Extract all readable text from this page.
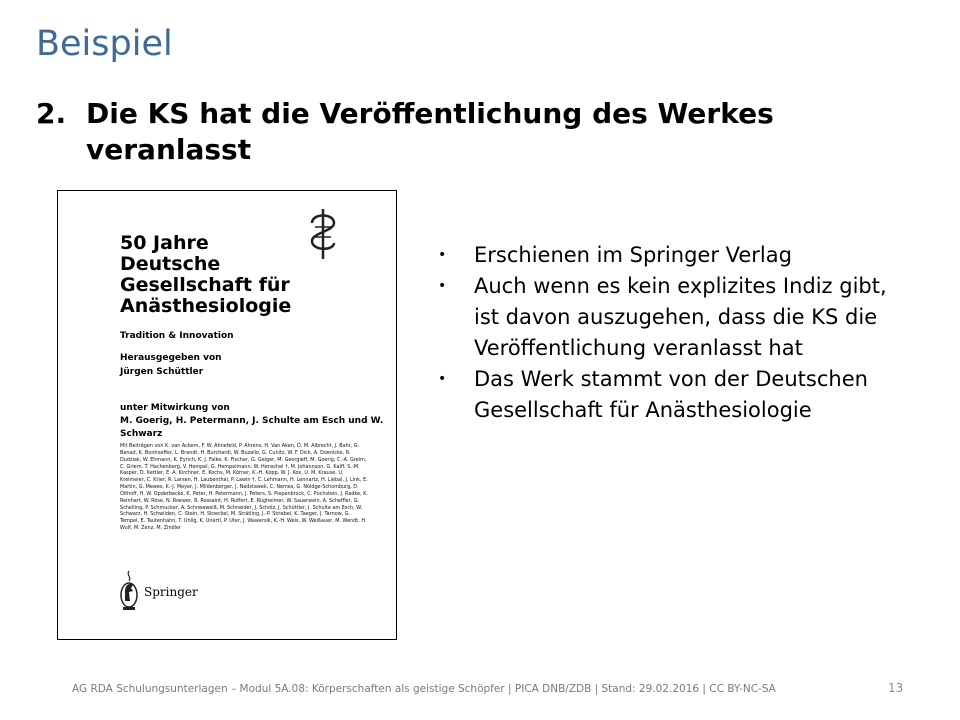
Beispiel
2. Die KS hat die Veröffentlichung des Werkes veranlasst
50 Jahre
Deutsche
Gesellschaft für
Anästhesiologie
Tradition & Innovation
Herausgegeben von
Jürgen Schüttler
unter Mitwirkung von
M. Goerig, H. Petermann, J. Schulte am Esch und W. Schwarz
Mit Beiträgen von K. van Ackern, F. W. Ahnefeld, P. Ahrens, H. Van Aken, D. M. Albrecht, J. Bahr, G. Benad, K. Bonhoeffer, L. Brandt, H. Burchardi, W. Buzello, G. Cunitz, W. F. Dick, A. Doenicke, R. Dudziak, W. Ehmann, K. Eyrich, K. J. Falke, K. Fischer, G. Geiger, M. Georgieff, M. Goerig, C.-A. Greim, C. Griem, T. Hachenberg, V. Hempel, G. Hempelmann, W. Henschel †, M. Johannson, G. Kalff, S.-M. Kasper, D. Kettler, E. A. Kirchner, E. Kochs, M. Körner, K.-H. Kopp, W. J. Kox, U. M. Krause, U. Kreimeier, C. Krier, R. Larsen, H. Laubenthal, P. Lawin †, C. Lehmann, H. Lennartz, H. Liebal, J. Link, E. Martin, G. Mewes, K.-J. Meyer, J. Mildenberger, J. Nadstawek, C. Nemes, G. Nöldge-Schomburg, D. Olthoff, H. W. Opderbecke, K. Peter, H. Petermann, J. Peters, S. Piepenbrock, C. Puchstein, J. Radke, K. Reinhart, W. Röse, N. Roewer, R. Rossaint, H. Ruffert, E. Rügheimer, W. Sauerwein, A. Scheffler, G. Schelling, P. Schmucker, A. Schneeweiß, M. Schneider, J. Scholz, J. Schüttler, J. Schulte am Esch, W. Schwarz, H. Schwilden, C. Stein, H. Stoeckel, M. Strätling, J.-P. Striebel, K. Taeger, J. Tarnow, G. Tempel, E. Tautenhahn, T. Uhlig, K. Unertl, P. Uter, J. Wawersik, K.-H. Weis, W. Weißauer, M. Wendt, H. Wulf, M. Zenz, M. Zindler
Springer
• Erschienen im Springer Verlag
• Auch wenn es kein explizites Indiz gibt, ist davon auszugehen, dass die KS die Veröffentlichung veranlasst hat
• Das Werk stammt von der Deutschen Gesellschaft für Anästhesiologie
AG RDA Schulungsunterlagen – Modul 5A.08: Körperschaften als geistige Schöpfer | PICA DNB/ZDB | Stand: 29.02.2016 | CC BY-NC-SA	13
